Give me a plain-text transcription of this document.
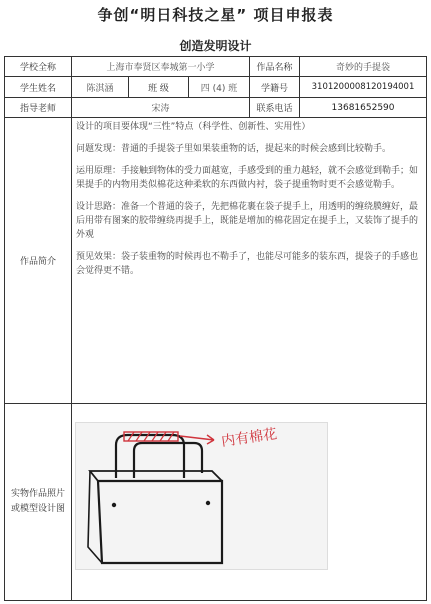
争创“明日科技之星” 项目申报表
创造发明设计
学校全称	上海市奉贤区奉城第一小学			作品名称	奇妙的手提袋
学生姓名	陈淇涵	班 级	四 (4) 班	学籍号	3101200008120194001
指导老师	宋涛			联系电话	13681652590
作品简介	设计的项目要体现“三性”特点（科学性、创新性、实用性）

问题发现：普通的手提袋子里如果装重物的话，提起来的时候会感到比较勒手。

运用原理：手接触到物体的受力面越宽，手感受到的重力越轻，就不会感觉到勒手；如果提手的内物用类似棉花这种柔软的东西做内衬，袋子提重物时更不会感觉勒手。

设计思路：准备一个普通的袋子，先把棉花裹在袋子提手上，用透明的缠绕膜缠好，最后用带有图案的胶带缠绕再提手上，既能是增加的棉花固定在提手上，又装饰了提手的外观

预见效果：袋子装重物的时候再也不勒手了，也能尽可能多的装东西，提袋子的手感也会觉得更不错。				

实物作品照片或模型设计图	内有棉花				
